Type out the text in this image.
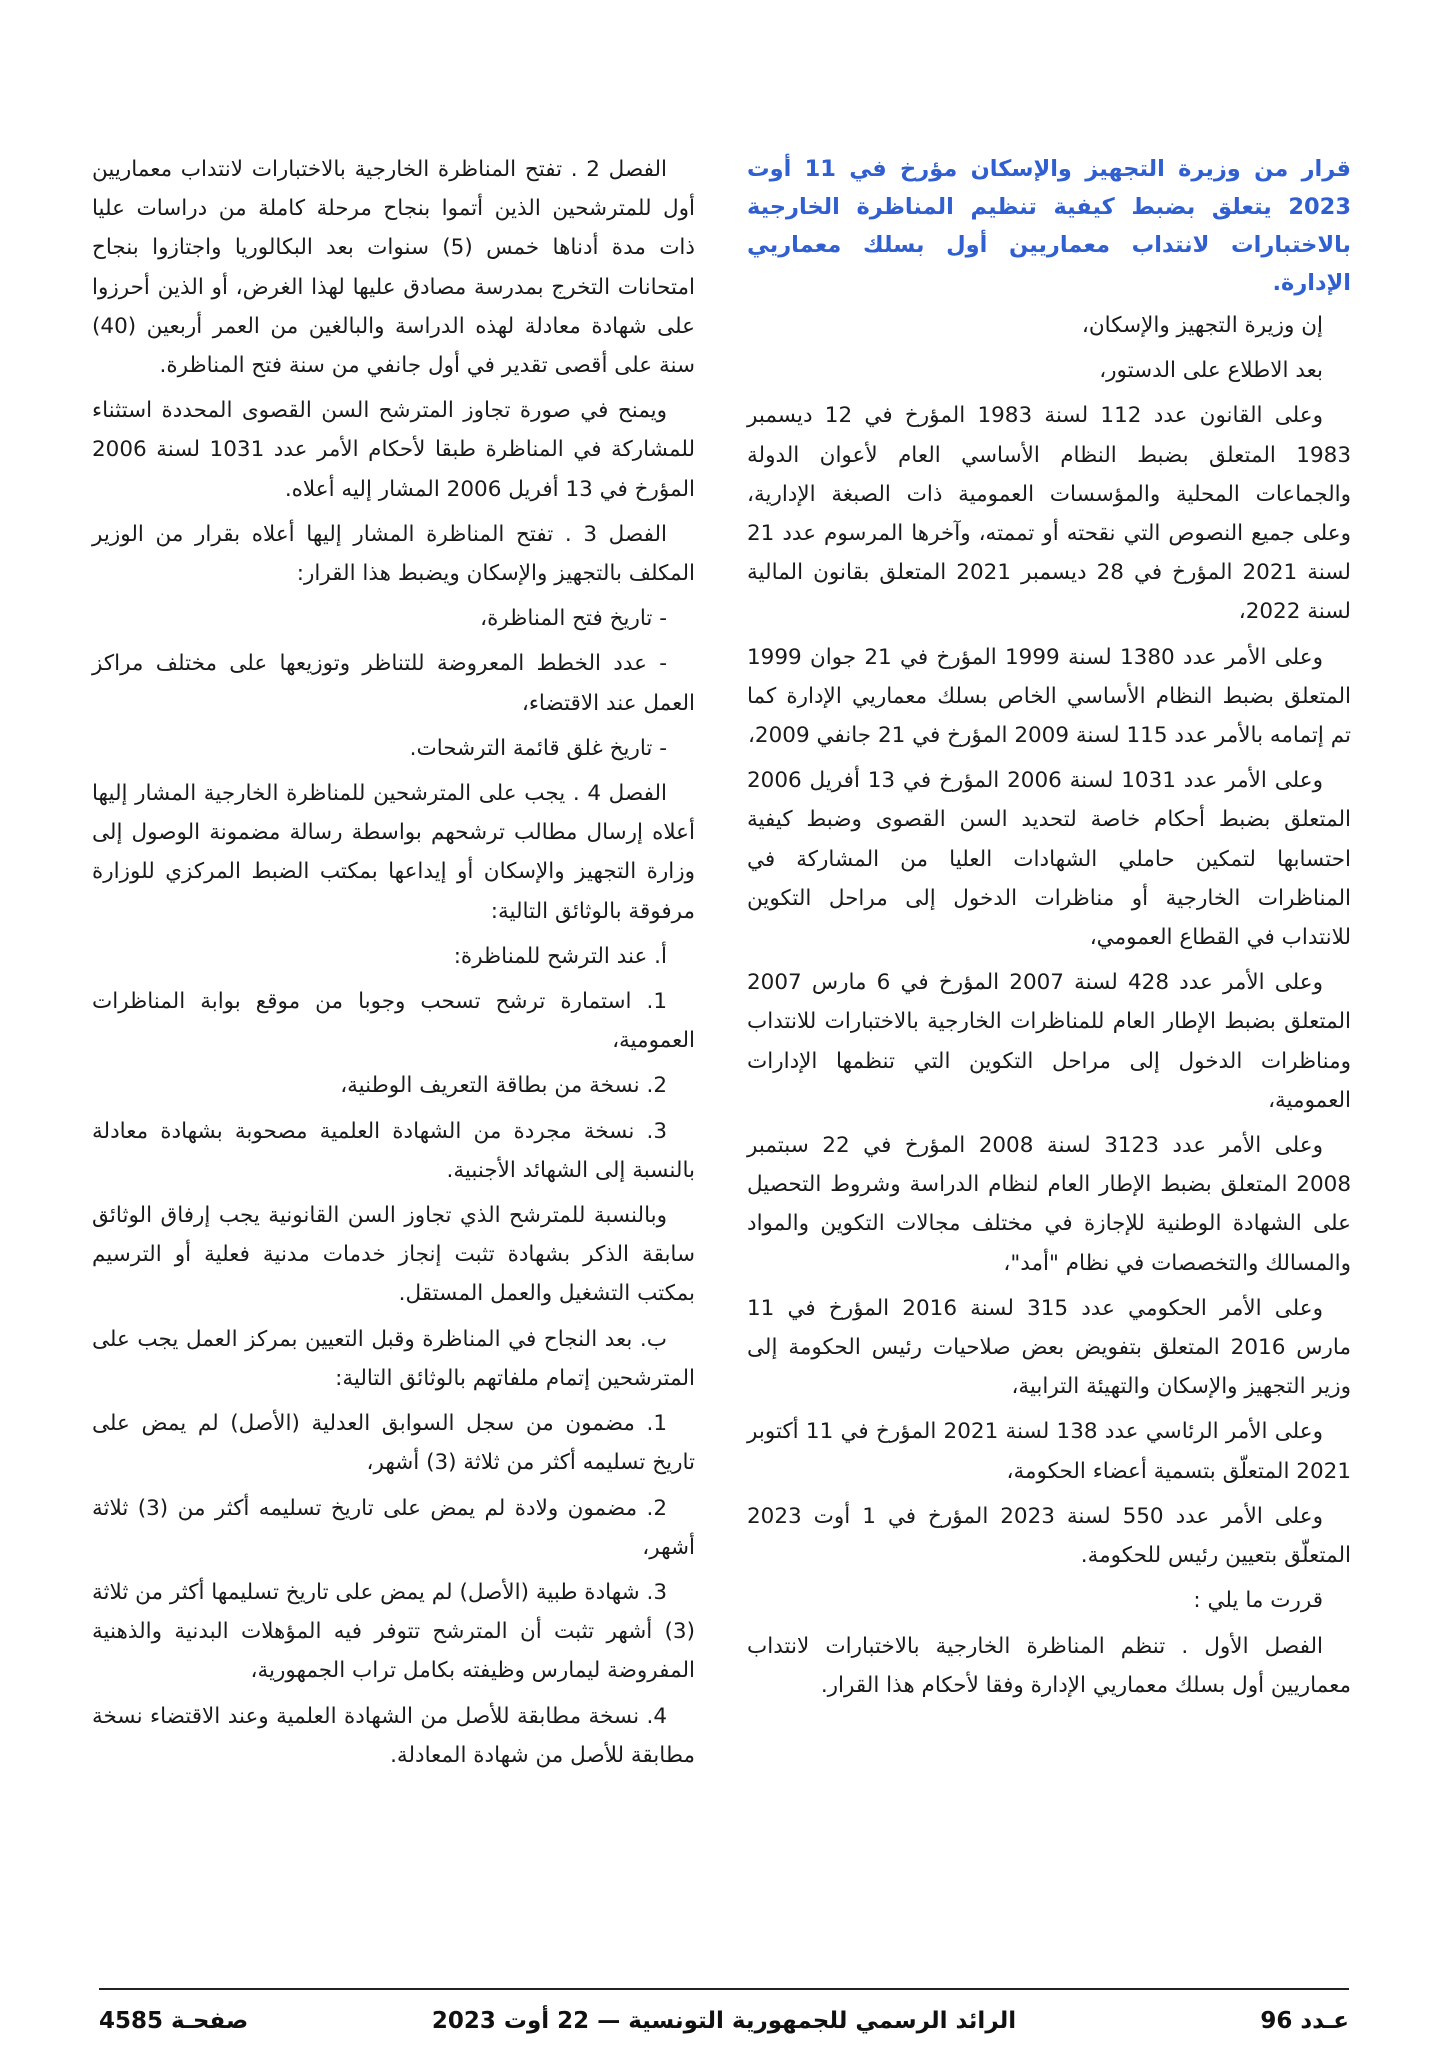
قرار من وزيرة التجهيز والإسكان مؤرخ في 11 أوت 2023 يتعلق بضبط كيفية تنظيم المناظرة الخارجية بالاختبارات لانتداب معماريين أول بسلك معماريي الإدارة.

إن وزيرة التجهيز والإسكان،

بعد الاطلاع على الدستور،

وعلى القانون عدد 112 لسنة 1983 المؤرخ في 12 ديسمبر 1983 المتعلق بضبط النظام الأساسي العام لأعوان الدولة والجماعات المحلية والمؤسسات العمومية ذات الصبغة الإدارية، وعلى جميع النصوص التي نقحته أو تممته، وآخرها المرسوم عدد 21 لسنة 2021 المؤرخ في 28 ديسمبر 2021 المتعلق بقانون المالية لسنة 2022،

وعلى الأمر عدد 1380 لسنة 1999 المؤرخ في 21 جوان 1999 المتعلق بضبط النظام الأساسي الخاص بسلك معماريي الإدارة كما تم إتمامه بالأمر عدد 115 لسنة 2009 المؤرخ في 21 جانفي 2009،

وعلى الأمر عدد 1031 لسنة 2006 المؤرخ في 13 أفريل 2006 المتعلق بضبط أحكام خاصة لتحديد السن القصوى وضبط كيفية احتسابها لتمكين حاملي الشهادات العليا من المشاركة في المناظرات الخارجية أو مناظرات الدخول إلى مراحل التكوين للانتداب في القطاع العمومي،

وعلى الأمر عدد 428 لسنة 2007 المؤرخ في 6 مارس 2007 المتعلق بضبط الإطار العام للمناظرات الخارجية بالاختبارات للانتداب ومناظرات الدخول إلى مراحل التكوين التي تنظمها الإدارات العمومية،

وعلى الأمر عدد 3123 لسنة 2008 المؤرخ في 22 سبتمبر 2008 المتعلق بضبط الإطار العام لنظام الدراسة وشروط التحصيل على الشهادة الوطنية للإجازة في مختلف مجالات التكوين والمواد والمسالك والتخصصات في نظام "أمد"،

وعلى الأمر الحكومي عدد 315 لسنة 2016 المؤرخ في 11 مارس 2016 المتعلق بتفويض بعض صلاحيات رئيس الحكومة إلى وزير التجهيز والإسكان والتهيئة الترابية،

وعلى الأمر الرئاسي عدد 138 لسنة 2021 المؤرخ في 11 أكتوبر 2021 المتعلّق بتسمية أعضاء الحكومة،

وعلى الأمر عدد 550 لسنة 2023 المؤرخ في 1 أوت 2023 المتعلّق بتعيين رئيس للحكومة.

قررت ما يلي :

الفصل الأول . تنظم المناظرة الخارجية بالاختبارات لانتداب معماريين أول بسلك معماريي الإدارة وفقا لأحكام هذا القرار.

الفصل 2 . تفتح المناظرة الخارجية بالاختبارات لانتداب معماريين أول للمترشحين الذين أتموا بنجاح مرحلة كاملة من دراسات عليا ذات مدة أدناها خمس (5) سنوات بعد البكالوريا واجتازوا بنجاح امتحانات التخرج بمدرسة مصادق عليها لهذا الغرض، أو الذين أحرزوا على شهادة معادلة لهذه الدراسة والبالغين من العمر أربعين (40) سنة على أقصى تقدير في أول جانفي من سنة فتح المناظرة.

ويمنح في صورة تجاوز المترشح السن القصوى المحددة استثناء للمشاركة في المناظرة طبقا لأحكام الأمر عدد 1031 لسنة 2006 المؤرخ في 13 أفريل 2006 المشار إليه أعلاه.

الفصل 3 . تفتح المناظرة المشار إليها أعلاه بقرار من الوزير المكلف بالتجهيز والإسكان ويضبط هذا القرار:

- تاريخ فتح المناظرة،

- عدد الخطط المعروضة للتناظر وتوزيعها على مختلف مراكز العمل عند الاقتضاء،

- تاريخ غلق قائمة الترشحات.

الفصل 4 . يجب على المترشحين للمناظرة الخارجية المشار إليها أعلاه إرسال مطالب ترشحهم بواسطة رسالة مضمونة الوصول إلى وزارة التجهيز والإسكان أو إيداعها بمكتب الضبط المركزي للوزارة مرفوقة بالوثائق التالية:

أ. عند الترشح للمناظرة:

1. استمارة ترشح تسحب وجوبا من موقع بوابة المناظرات العمومية،

2. نسخة من بطاقة التعريف الوطنية،

3. نسخة مجردة من الشهادة العلمية مصحوبة بشهادة معادلة بالنسبة إلى الشهائد الأجنبية.

وبالنسبة للمترشح الذي تجاوز السن القانونية يجب إرفاق الوثائق سابقة الذكر بشهادة تثبت إنجاز خدمات مدنية فعلية أو الترسيم بمكتب التشغيل والعمل المستقل.

ب. بعد النجاح في المناظرة وقبل التعيين بمركز العمل يجب على المترشحين إتمام ملفاتهم بالوثائق التالية:

1. مضمون من سجل السوابق العدلية (الأصل) لم يمض على تاريخ تسليمه أكثر من ثلاثة (3) أشهر،

2. مضمون ولادة لم يمض على تاريخ تسليمه أكثر من (3) ثلاثة أشهر،

3. شهادة طبية (الأصل) لم يمض على تاريخ تسليمها أكثر من ثلاثة (3) أشهر تثبت أن المترشح تتوفر فيه المؤهلات البدنية والذهنية المفروضة ليمارس وظيفته بكامل تراب الجمهورية،

4. نسخة مطابقة للأصل من الشهادة العلمية وعند الاقتضاء نسخة مطابقة للأصل من شهادة المعادلة.

عـدد 96
الرائد الرسمي للجمهورية التونسية — 22 أوت 2023
صفحـة 4585
